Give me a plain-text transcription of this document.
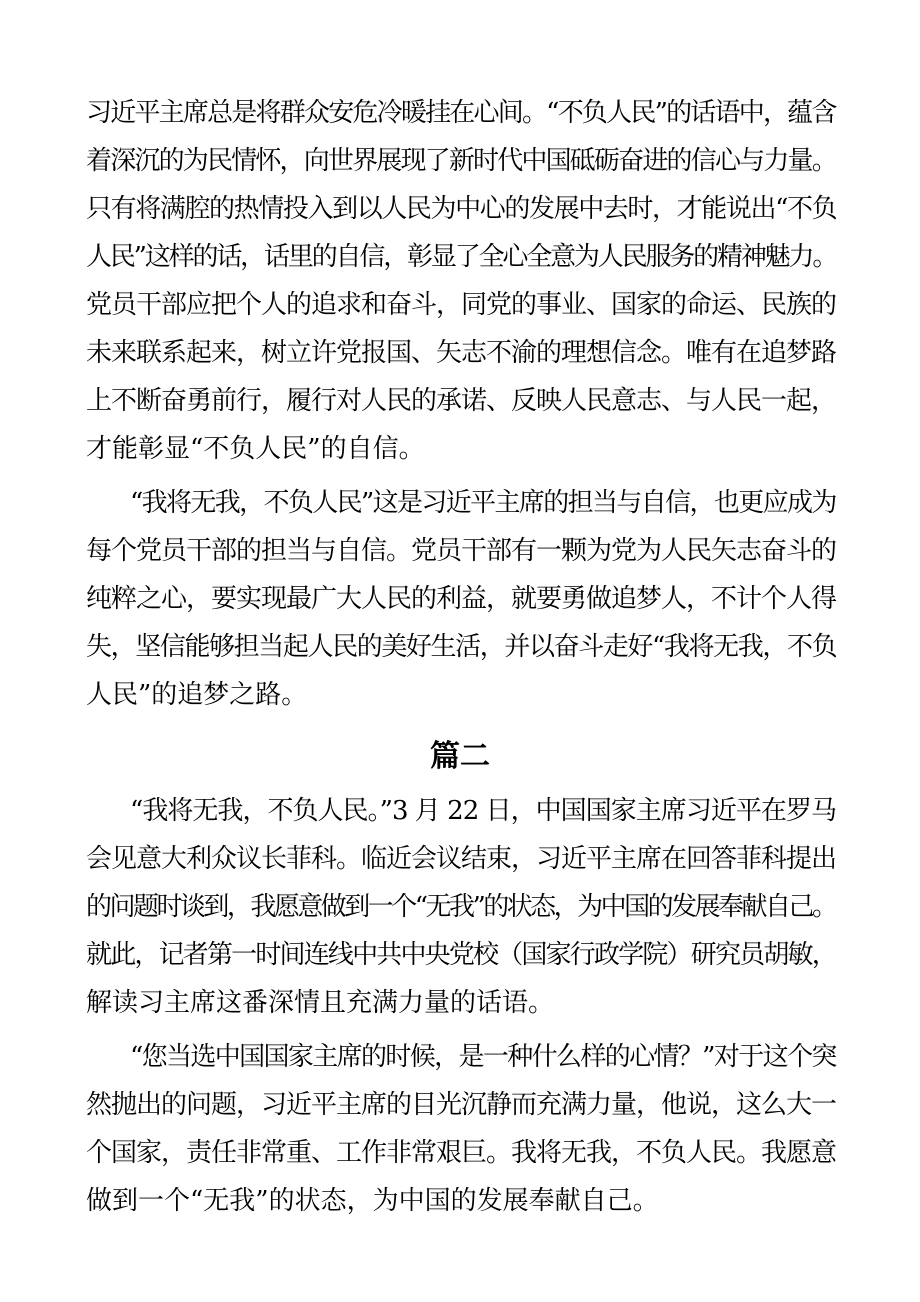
习近平主席总是将群众安危冷暖挂在心间。“不负人民”的话语中，蕴含
着深沉的为民情怀，向世界展现了新时代中国砥砺奋进的信心与力量。
只有将满腔的热情投入到以人民为中心的发展中去时，才能说出“不负
人民”这样的话，话里的自信，彰显了全心全意为人民服务的精神魅力。
党员干部应把个人的追求和奋斗，同党的事业、国家的命运、民族的
未来联系起来，树立许党报国、矢志不渝的理想信念。唯有在追梦路
上不断奋勇前行，履行对人民的承诺、反映人民意志、与人民一起，
才能彰显“不负人民”的自信。
“我将无我，不负人民”这是习近平主席的担当与自信，也更应成为
每个党员干部的担当与自信。党员干部有一颗为党为人民矢志奋斗的
纯粹之心，要实现最广大人民的利益，就要勇做追梦人，不计个人得
失，坚信能够担当起人民的美好生活，并以奋斗走好“我将无我，不负
人民”的追梦之路。
篇二
“我将无我，不负人民。”3 月 22 日，中国国家主席习近平在罗马
会见意大利众议长菲科。临近会议结束，习近平主席在回答菲科提出
的问题时谈到，我愿意做到一个“无我”的状态，为中国的发展奉献自己。
就此，记者第一时间连线中共中央党校（国家行政学院）研究员胡敏，
解读习主席这番深情且充满力量的话语。
“您当选中国国家主席的时候，是一种什么样的心情？”对于这个突
然抛出的问题，习近平主席的目光沉静而充满力量，他说，这么大一
个国家，责任非常重、工作非常艰巨。我将无我，不负人民。我愿意
做到一个“无我”的状态，为中国的发展奉献自己。
